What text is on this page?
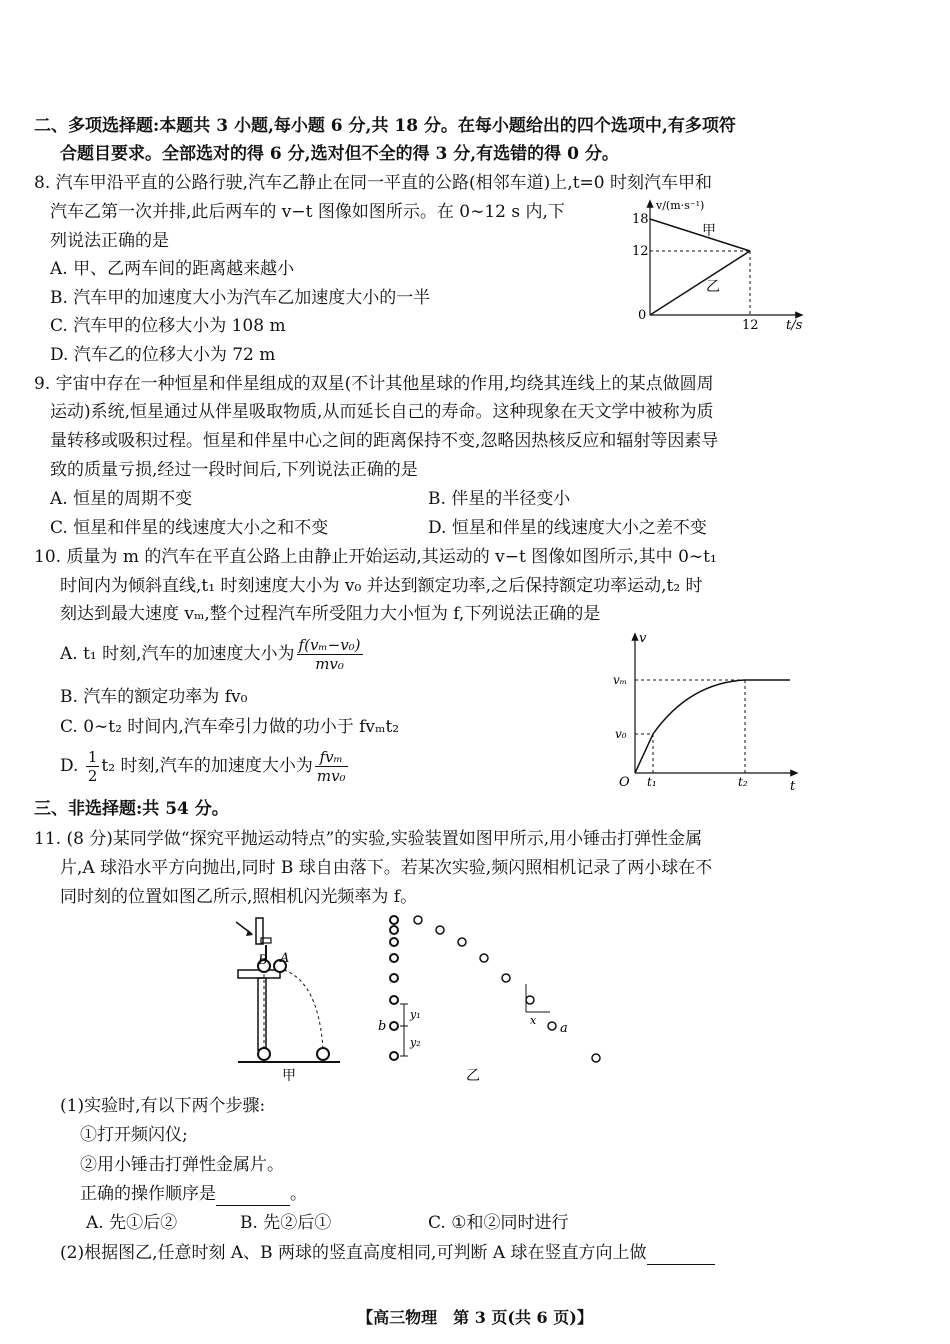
二、多项选择题:本题共 3 小题,每小题 6 分,共 18 分。在每小题给出的四个选项中,有多项符
合题目要求。全部选对的得 6 分,选对但不全的得 3 分,有选错的得 0 分。
8. 汽车甲沿平直的公路行驶,汽车乙静止在同一平直的公路(相邻车道)上,t=0 时刻汽车甲和
汽车乙第一次并排,此后两车的 v−t 图像如图所示。在 0∼12 s 内,下
列说法正确的是
A. 甲、乙两车间的距离越来越小
B. 汽车甲的加速度大小为汽车乙加速度大小的一半
C. 汽车甲的位移大小为 108 m
D. 汽车乙的位移大小为 72 m
v/(m·s⁻¹)
18
12
0
12 t/s
甲
乙
9. 宇宙中存在一种恒星和伴星组成的双星(不计其他星球的作用,均绕其连线上的某点做圆周
运动)系统,恒星通过从伴星吸取物质,从而延长自己的寿命。这种现象在天文学中被称为质
量转移或吸积过程。恒星和伴星中心之间的距离保持不变,忽略因热核反应和辐射等因素导
致的质量亏损,经过一段时间后,下列说法正确的是
A. 恒星的周期不变	B. 伴星的半径变小
C. 恒星和伴星的线速度大小之和不变	D. 恒星和伴星的线速度大小之差不变
10. 质量为 m 的汽车在平直公路上由静止开始运动,其运动的 v−t 图像如图所示,其中 0∼t₁
时间内为倾斜直线,t₁ 时刻速度大小为 v₀ 并达到额定功率,之后保持额定功率运动,t₂ 时
刻达到最大速度 vₘ,整个过程汽车所受阻力大小恒为 f,下列说法正确的是
A. t₁ 时刻,汽车的加速度大小为 $\frac{\text{f(vₘ−v₀)}}{\text{mv₀}}$
B. 汽车的额定功率为 fv₀
C. 0∼t₂ 时间内,汽车牵引力做的功小于 fvₘt₂
D. $\frac{1}{2} t_2$ 时刻,汽车的加速度大小为 $\frac{\text{fvₘ}}{\text{mv₀}}$
v
vₘ
v₀
O t₁	t₂	t
三、非选择题:共 54 分。
11. (8 分)某同学做“探究平抛运动特点”的实验,实验装置如图甲所示,用小锤击打弹性金属
片,A 球沿水平方向抛出,同时 B 球自由落下。若某次实验,频闪照相机记录了两小球在不
同时刻的位置如图乙所示,照相机闪光频率为 f。
B A
甲
b	a
y₁
y₂
x
乙
(1)实验时,有以下两个步骤:
①打开频闪仪;
②用小锤击打弹性金属片。
正确的操作顺序是	。
A. 先①后②	B. 先②后①	C. ①和②同时进行
(2)根据图乙,任意时刻 A、B 两球的竖直高度相同,可判断 A 球在竖直方向上做
【高三物理　第 3 页(共 6 页)】
